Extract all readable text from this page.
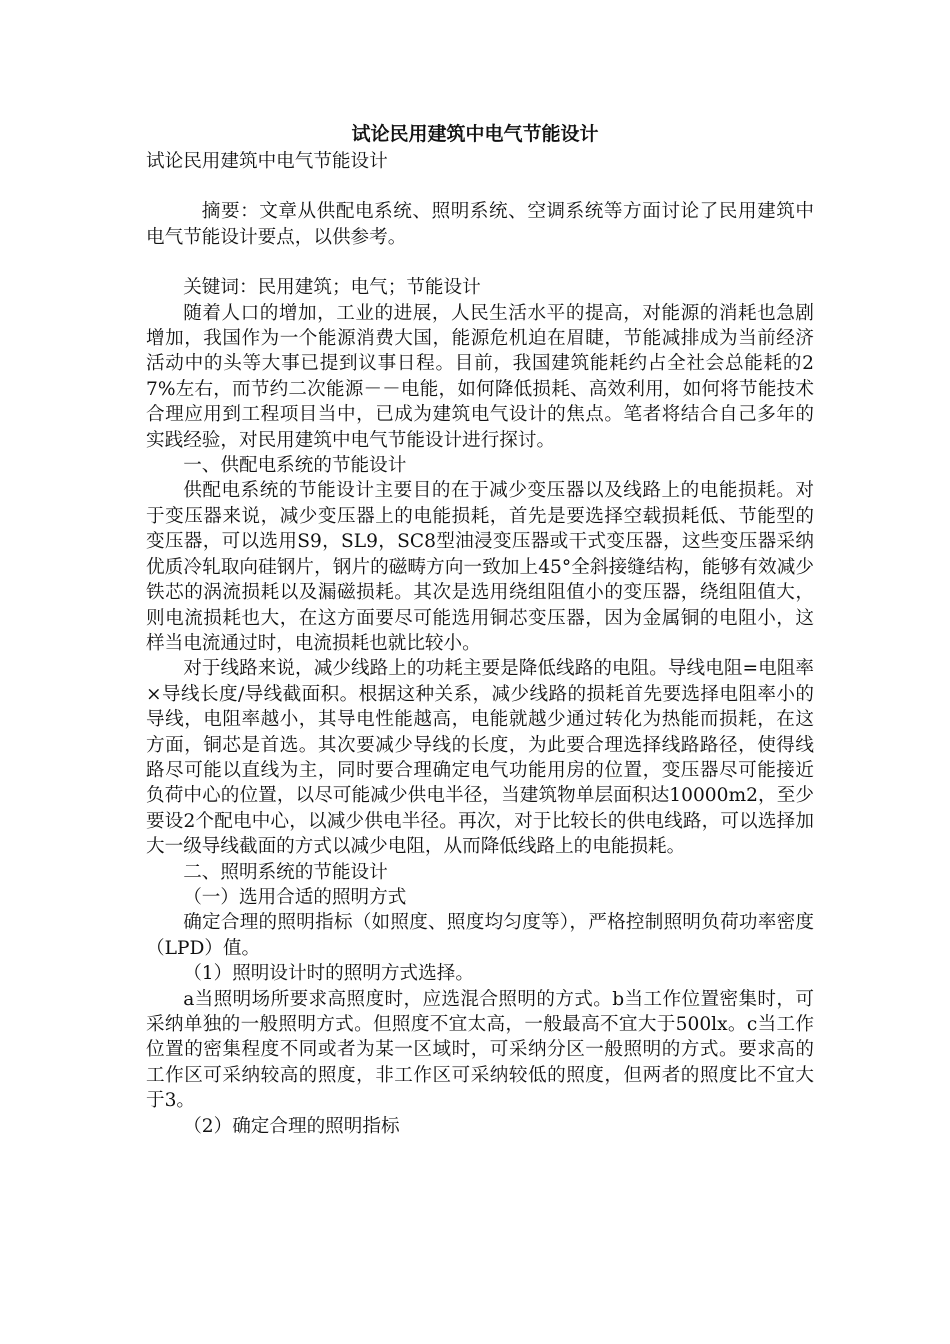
试论民用建筑中电气节能设计

试论民用建筑中电气节能设计

摘要：文章从供配电系统、照明系统、空调系统等方面讨论了民用建筑中电气节能设计要点，以供参考。

关键词：民用建筑；电气；节能设计

随着人口的增加，工业的进展，人民生活水平的提高，对能源的消耗也急剧增加，我国作为一个能源消费大国，能源危机迫在眉睫，节能减排成为当前经济活动中的头等大事已提到议事日程。目前，我国建筑能耗约占全社会总能耗的27%左右，而节约二次能源－－电能，如何降低损耗、高效利用，如何将节能技术合理应用到工程项目当中，已成为建筑电气设计的焦点。笔者将结合自己多年的实践经验，对民用建筑中电气节能设计进行探讨。

一、供配电系统的节能设计

供配电系统的节能设计主要目的在于减少变压器以及线路上的电能损耗。对于变压器来说，减少变压器上的电能损耗，首先是要选择空载损耗低、节能型的变压器，可以选用S9，SL9，SC8型油浸变压器或干式变压器，这些变压器采纳优质冷轧取向硅钢片，钢片的磁畴方向一致加上45°全斜接缝结构，能够有效减少铁芯的涡流损耗以及漏磁损耗。其次是选用绕组阻值小的变压器，绕组阻值大，则电流损耗也大，在这方面要尽可能选用铜芯变压器，因为金属铜的电阻小，这样当电流通过时，电流损耗也就比较小。

对于线路来说，减少线路上的功耗主要是降低线路的电阻。导线电阻=电阻率×导线长度/导线截面积。根据这种关系，减少线路的损耗首先要选择电阻率小的导线，电阻率越小，其导电性能越高，电能就越少通过转化为热能而损耗，在这方面，铜芯是首选。其次要减少导线的长度，为此要合理选择线路路径，使得线路尽可能以直线为主，同时要合理确定电气功能用房的位置，变压器尽可能接近负荷中心的位置，以尽可能减少供电半径，当建筑物单层面积达10000m2，至少要设2个配电中心，以减少供电半径。再次，对于比较长的供电线路，可以选择加大一级导线截面的方式以减少电阻，从而降低线路上的电能损耗。

二、照明系统的节能设计

（一）选用合适的照明方式

确定合理的照明指标（如照度、照度均匀度等），严格控制照明负荷功率密度（LPD）值。

（1）照明设计时的照明方式选择。

a当照明场所要求高照度时，应选混合照明的方式。b当工作位置密集时，可采纳单独的一般照明方式。但照度不宜太高，一般最高不宜大于500lx。c当工作位置的密集程度不同或者为某一区域时，可采纳分区一般照明的方式。要求高的工作区可采纳较高的照度，非工作区可采纳较低的照度，但两者的照度比不宜大于3。

（2）确定合理的照明指标
